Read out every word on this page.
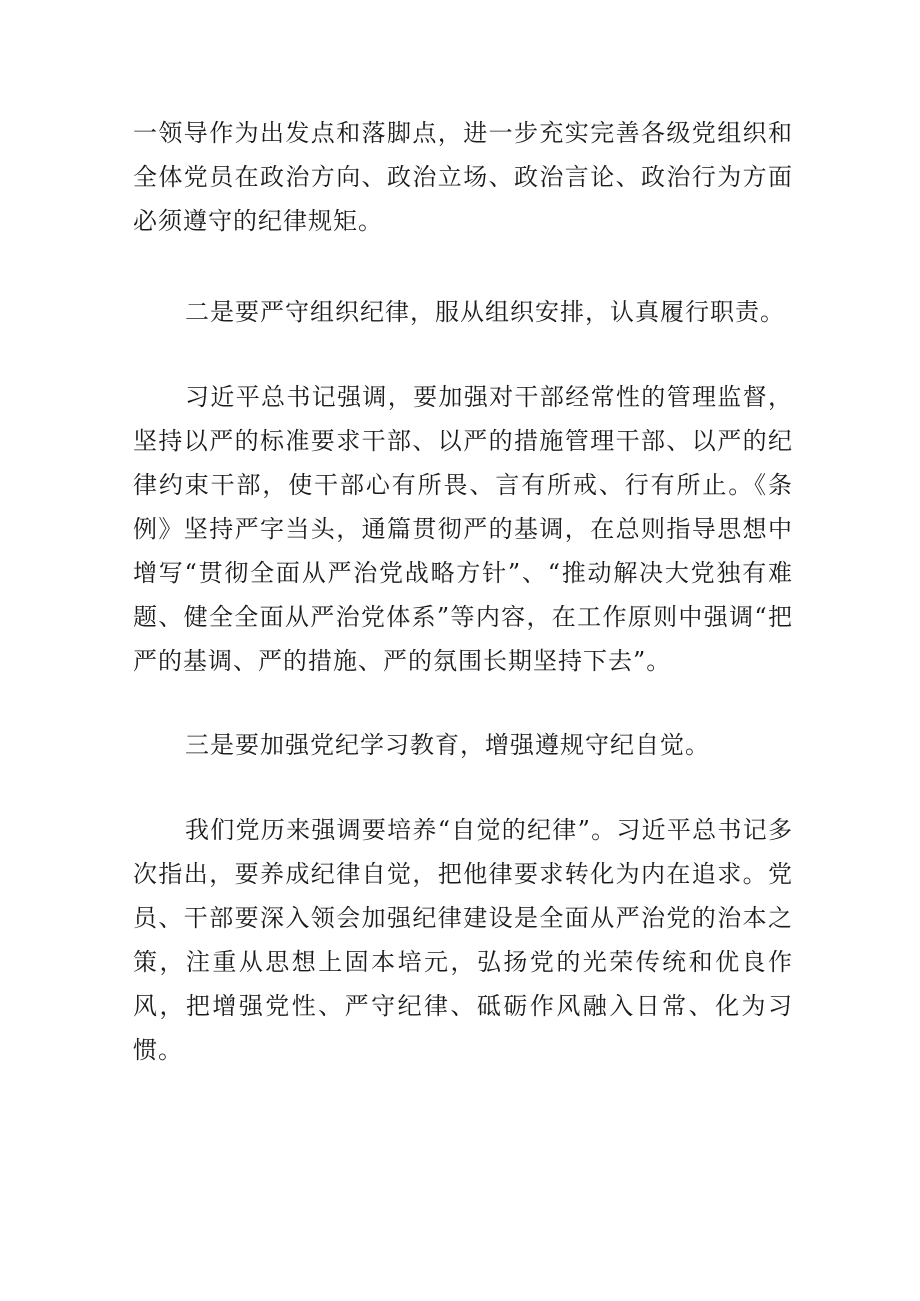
一领导作为出发点和落脚点，进一步充实完善各级党组织和全体党员在政治方向、政治立场、政治言论、政治行为方面必须遵守的纪律规矩。

二是要严守组织纪律，服从组织安排，认真履行职责。

习近平总书记强调，要加强对干部经常性的管理监督，坚持以严的标准要求干部、以严的措施管理干部、以严的纪律约束干部，使干部心有所畏、言有所戒、行有所止。《条例》坚持严字当头，通篇贯彻严的基调，在总则指导思想中增写“贯彻全面从严治党战略方针”、“推动解决大党独有难题、健全全面从严治党体系”等内容，在工作原则中强调“把严的基调、严的措施、严的氛围长期坚持下去”。

三是要加强党纪学习教育，增强遵规守纪自觉。

我们党历来强调要培养“自觉的纪律”。习近平总书记多次指出，要养成纪律自觉，把他律要求转化为内在追求。党员、干部要深入领会加强纪律建设是全面从严治党的治本之策，注重从思想上固本培元，弘扬党的光荣传统和优良作风，把增强党性、严守纪律、砥砺作风融入日常、化为习惯。
